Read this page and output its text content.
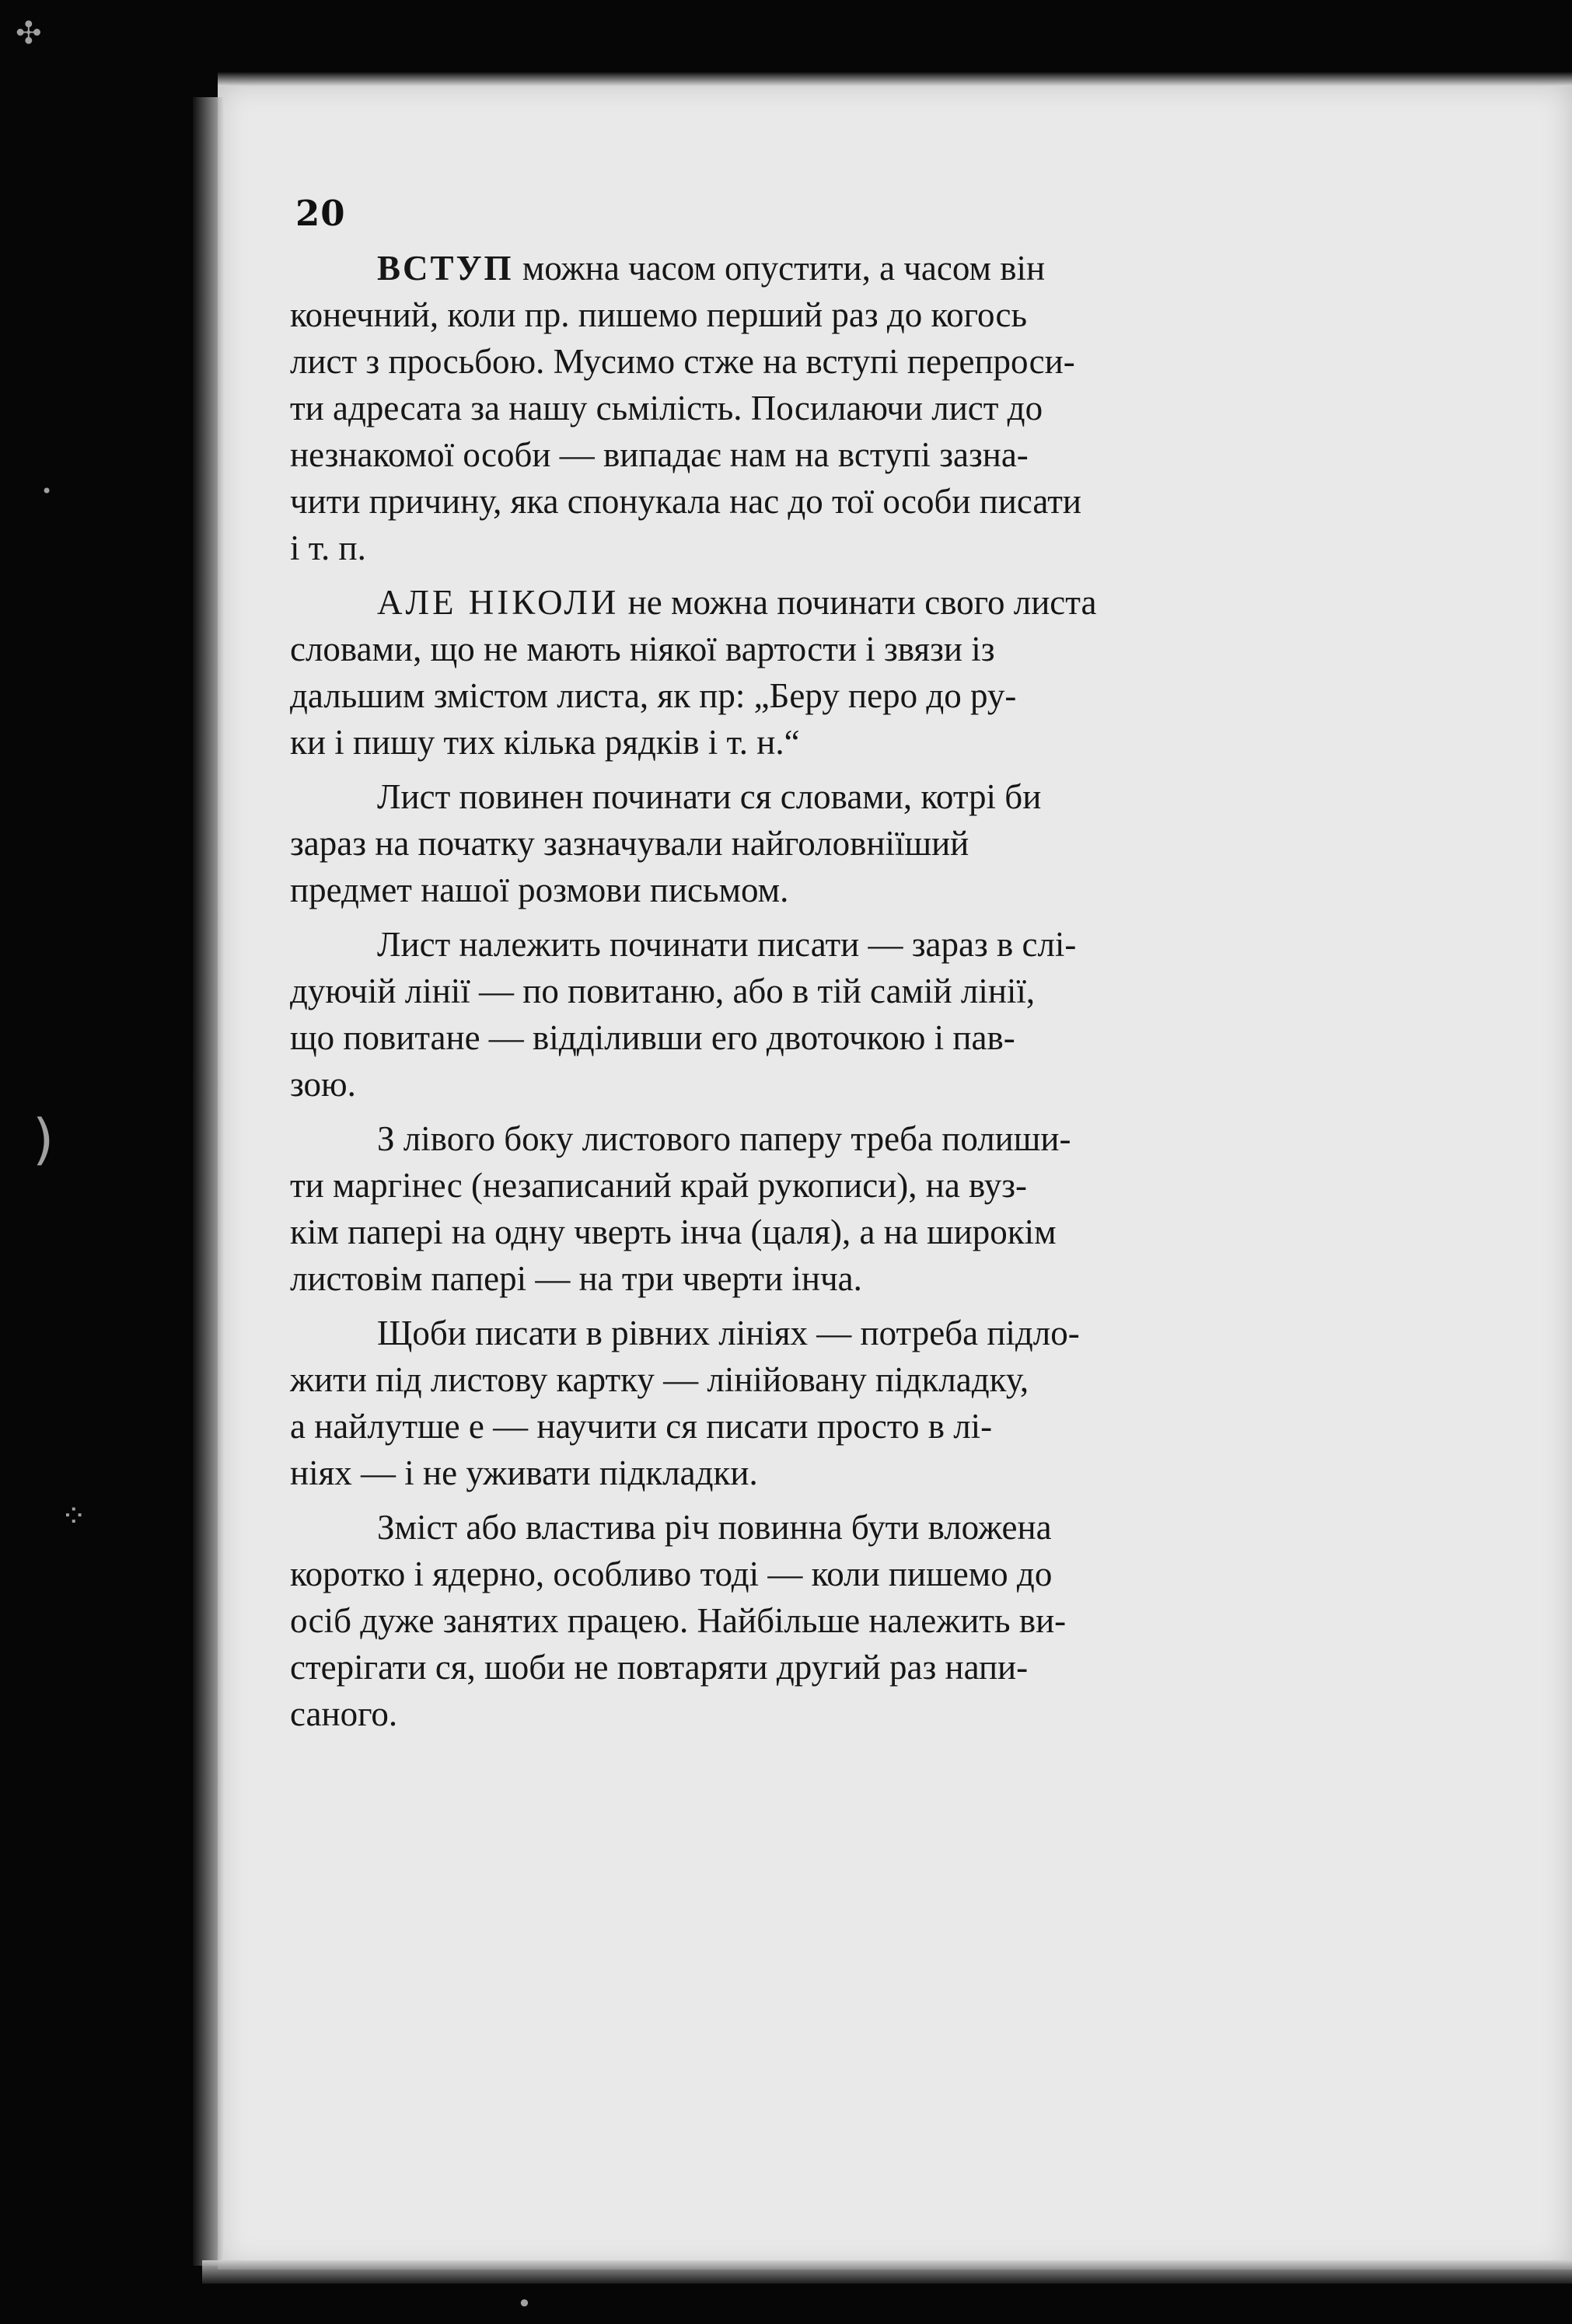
✣
•
)
⁘
•
20

ВСТУП можна часом опустити, а часом він
конечний, коли пр. пишемо перший раз до когось
лист з просьбою. Мусимо стже на вступі перепроси-
ти адресата за нашу сьмілість. Посилаючи лист до
незнакомої особи — випадає нам на вступі зазна-
чити причину, яка спонукала нас до тої особи писати
і т. п.

АЛЕ НІКОЛИ не можна починати свого листа
словами, що не мають ніякої вартости і звязи із
дальшим змістом листа, як пр: „Беру перо до ру-
ки і пишу тих кілька рядків і т. н.“

Лист повинен починати ся словами, котрі би
зараз на початку зазначували найголовніїший
предмет нашої розмови письмом.

Лист належить починати писати — зараз в слі-
дуючій лінії — по повитаню, або в тій самій лінії,
що повитане — відділивши его двоточкою і пав-
зою.

З лівого боку листового паперу треба полиши-
ти маргінес (незаписаний край рукописи), на вуз-
кім папері на одну чверть інча (цаля), а на широкім
листовім папері — на три чверти інча.

Щоби писати в рівних лініях — потреба підло-
жити під листову картку — лінійовану підкладку,
а найлутше е — научити ся писати просто в лі-
ніях — і не уживати підкладки.

Зміст або властива річ повинна бути вложена
коротко і ядерно, особливо тоді — коли пишемо до
осіб дуже занятих працею. Найбільше належить ви-
стерігати ся, шоби не повтаряти другий раз напи-
саного.
